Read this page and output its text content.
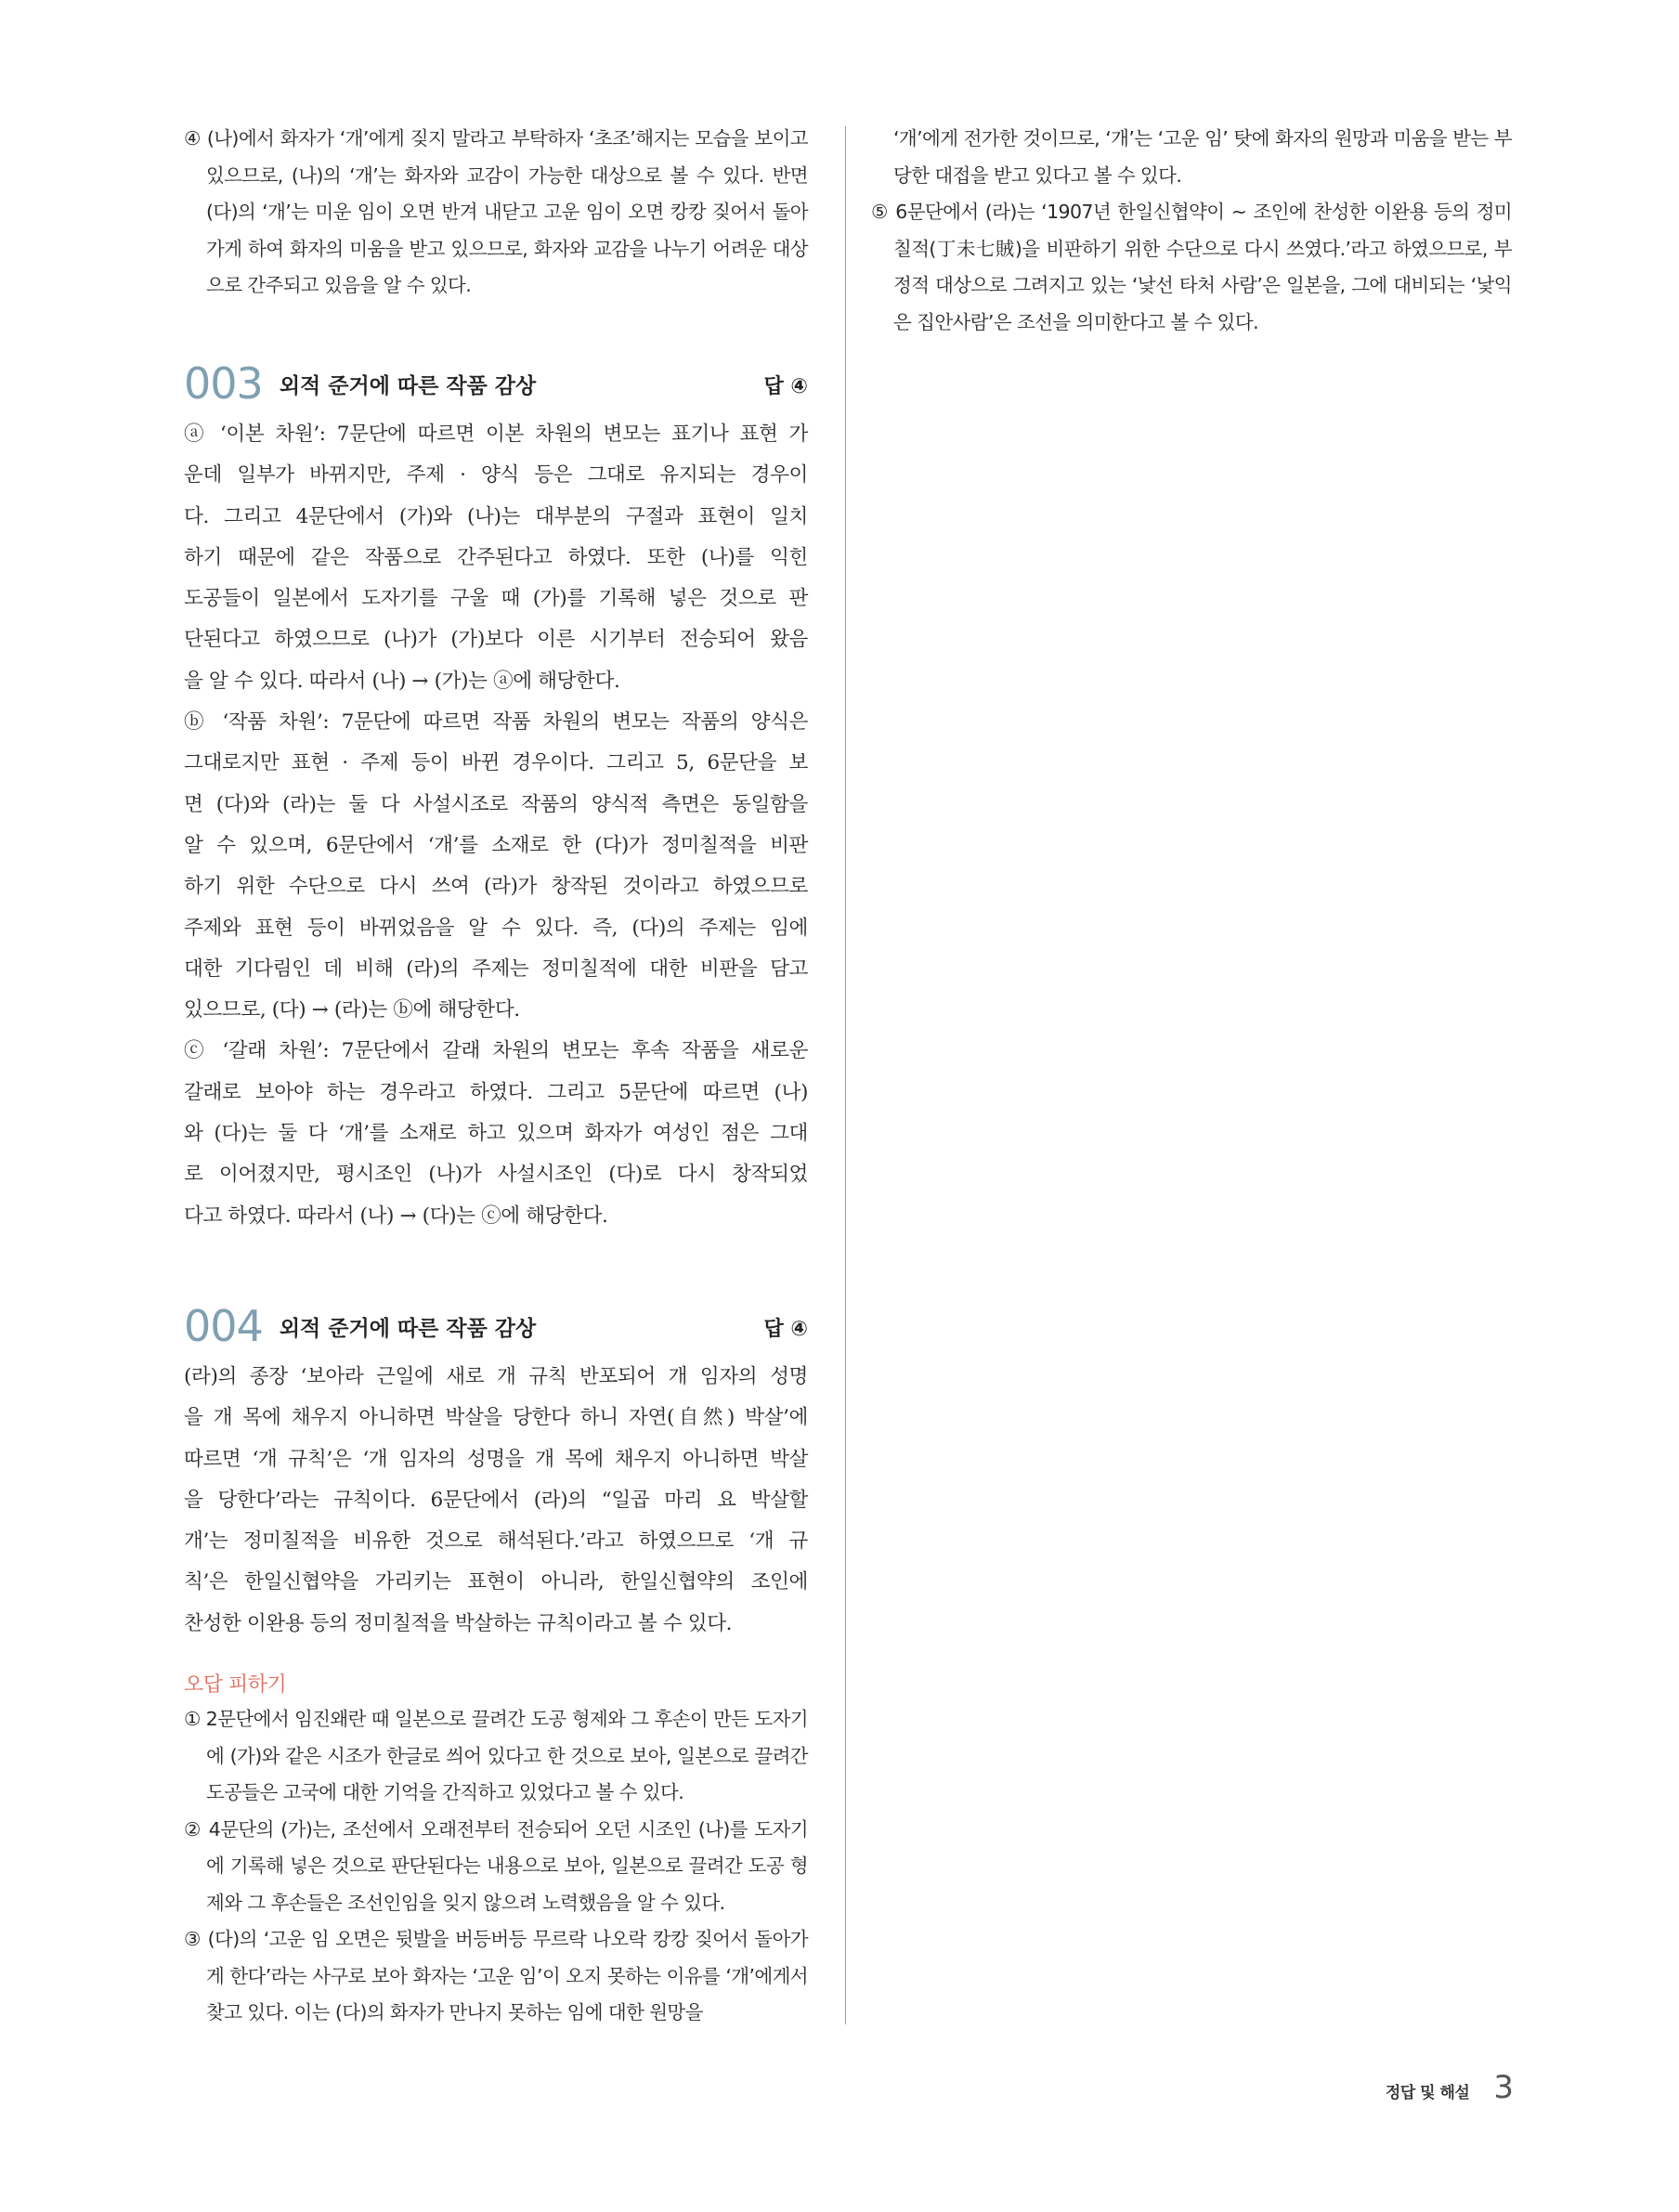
④ (나)에서 화자가 ‘개’에게 짖지 말라고 부탁하자 ‘초조’해지는 모습을 보이고 있으므로, (나)의 ‘개’는 화자와 교감이 가능한 대상으로 볼 수 있다. 반면 (다)의 ‘개’는 미운 임이 오면 반겨 내닫고 고운 임이 오면 캉캉 짖어서 돌아가게 하여 화자의 미움을 받고 있으므로, 화자와 교감을 나누기 어려운 대상으로 간주되고 있음을 알 수 있다.

‘개’에게 전가한 것이므로, ‘개’는 ‘고운 임’ 탓에 화자의 원망과 미움을 받는 부당한 대접을 받고 있다고 볼 수 있다.

⑤ 6문단에서 (라)는 ‘1907년 한일신협약이 ~ 조인에 찬성한 이완용 등의 정미칠적(丁未七賊)을 비판하기 위한 수단으로 다시 쓰였다.’라고 하였으므로, 부정적 대상으로 그려지고 있는 ‘낯선 타처 사람’은 일본을, 그에 대비되는 ‘낯익은 집안사람’은 조선을 의미한다고 볼 수 있다.

003 외적 준거에 따른 작품 감상	답 ④

ⓐ ‘이본 차원’: 7문단에 따르면 이본 차원의 변모는 표기나 표현 가

운데 일부가 바뀌지만, 주제 · 양식 등은 그대로 유지되는 경우이

다. 그리고 4문단에서 (가)와 (나)는 대부분의 구절과 표현이 일치

하기 때문에 같은 작품으로 간주된다고 하였다. 또한 (나)를 익힌

도공들이 일본에서 도자기를 구울 때 (가)를 기록해 넣은 것으로 판

단된다고 하였으므로 (나)가 (가)보다 이른 시기부터 전승되어 왔음

을 알 수 있다. 따라서 (나) → (가)는 ⓐ에 해당한다.

ⓑ ‘작품 차원’: 7문단에 따르면 작품 차원의 변모는 작품의 양식은

그대로지만 표현 · 주제 등이 바뀐 경우이다. 그리고 5, 6문단을 보

면 (다)와 (라)는 둘 다 사설시조로 작품의 양식적 측면은 동일함을

알 수 있으며, 6문단에서 ‘개’를 소재로 한 (다)가 정미칠적을 비판

하기 위한 수단으로 다시 쓰여 (라)가 창작된 것이라고 하였으므로

주제와 표현 등이 바뀌었음을 알 수 있다. 즉, (다)의 주제는 임에

대한 기다림인 데 비해 (라)의 주제는 정미칠적에 대한 비판을 담고

있으므로, (다) → (라)는 ⓑ에 해당한다.

ⓒ ‘갈래 차원’: 7문단에서 갈래 차원의 변모는 후속 작품을 새로운

갈래로 보아야 하는 경우라고 하였다. 그리고 5문단에 따르면 (나)

와 (다)는 둘 다 ‘개’를 소재로 하고 있으며 화자가 여성인 점은 그대

로 이어졌지만, 평시조인 (나)가 사설시조인 (다)로 다시 창작되었

다고 하였다. 따라서 (나) → (다)는 ⓒ에 해당한다.

004 외적 준거에 따른 작품 감상	답 ④

(라)의 종장 ‘보아라 근일에 새로 개 규칙 반포되어 개 임자의 성명

을 개 목에 채우지 아니하면 박살을 당한다 하니 자연(自然) 박살’에

따르면 ‘개 규칙’은 ‘개 임자의 성명을 개 목에 채우지 아니하면 박살

을 당한다’라는 규칙이다. 6문단에서 (라)의 “일곱 마리 요 박살할

개’는 정미칠적을 비유한 것으로 해석된다.’라고 하였으므로 ‘개 규

칙’은 한일신협약을 가리키는 표현이 아니라, 한일신협약의 조인에

찬성한 이완용 등의 정미칠적을 박살하는 규칙이라고 볼 수 있다.

오답 피하기

① 2문단에서 임진왜란 때 일본으로 끌려간 도공 형제와 그 후손이 만든 도자기에 (가)와 같은 시조가 한글로 씌어 있다고 한 것으로 보아, 일본으로 끌려간 도공들은 고국에 대한 기억을 간직하고 있었다고 볼 수 있다.

② 4문단의 (가)는, 조선에서 오래전부터 전승되어 오던 시조인 (나)를 도자기에 기록해 넣은 것으로 판단된다는 내용으로 보아, 일본으로 끌려간 도공 형제와 그 후손들은 조선인임을 잊지 않으려 노력했음을 알 수 있다.

③ (다)의 ‘고운 임 오면은 뒷발을 버등버등 무르락 나오락 캉캉 짖어서 돌아가게 한다’라는 사구로 보아 화자는 ‘고운 임’이 오지 못하는 이유를 ‘개’에게서 찾고 있다. 이는 (다)의 화자가 만나지 못하는 임에 대한 원망을

정답 및 해설 3
